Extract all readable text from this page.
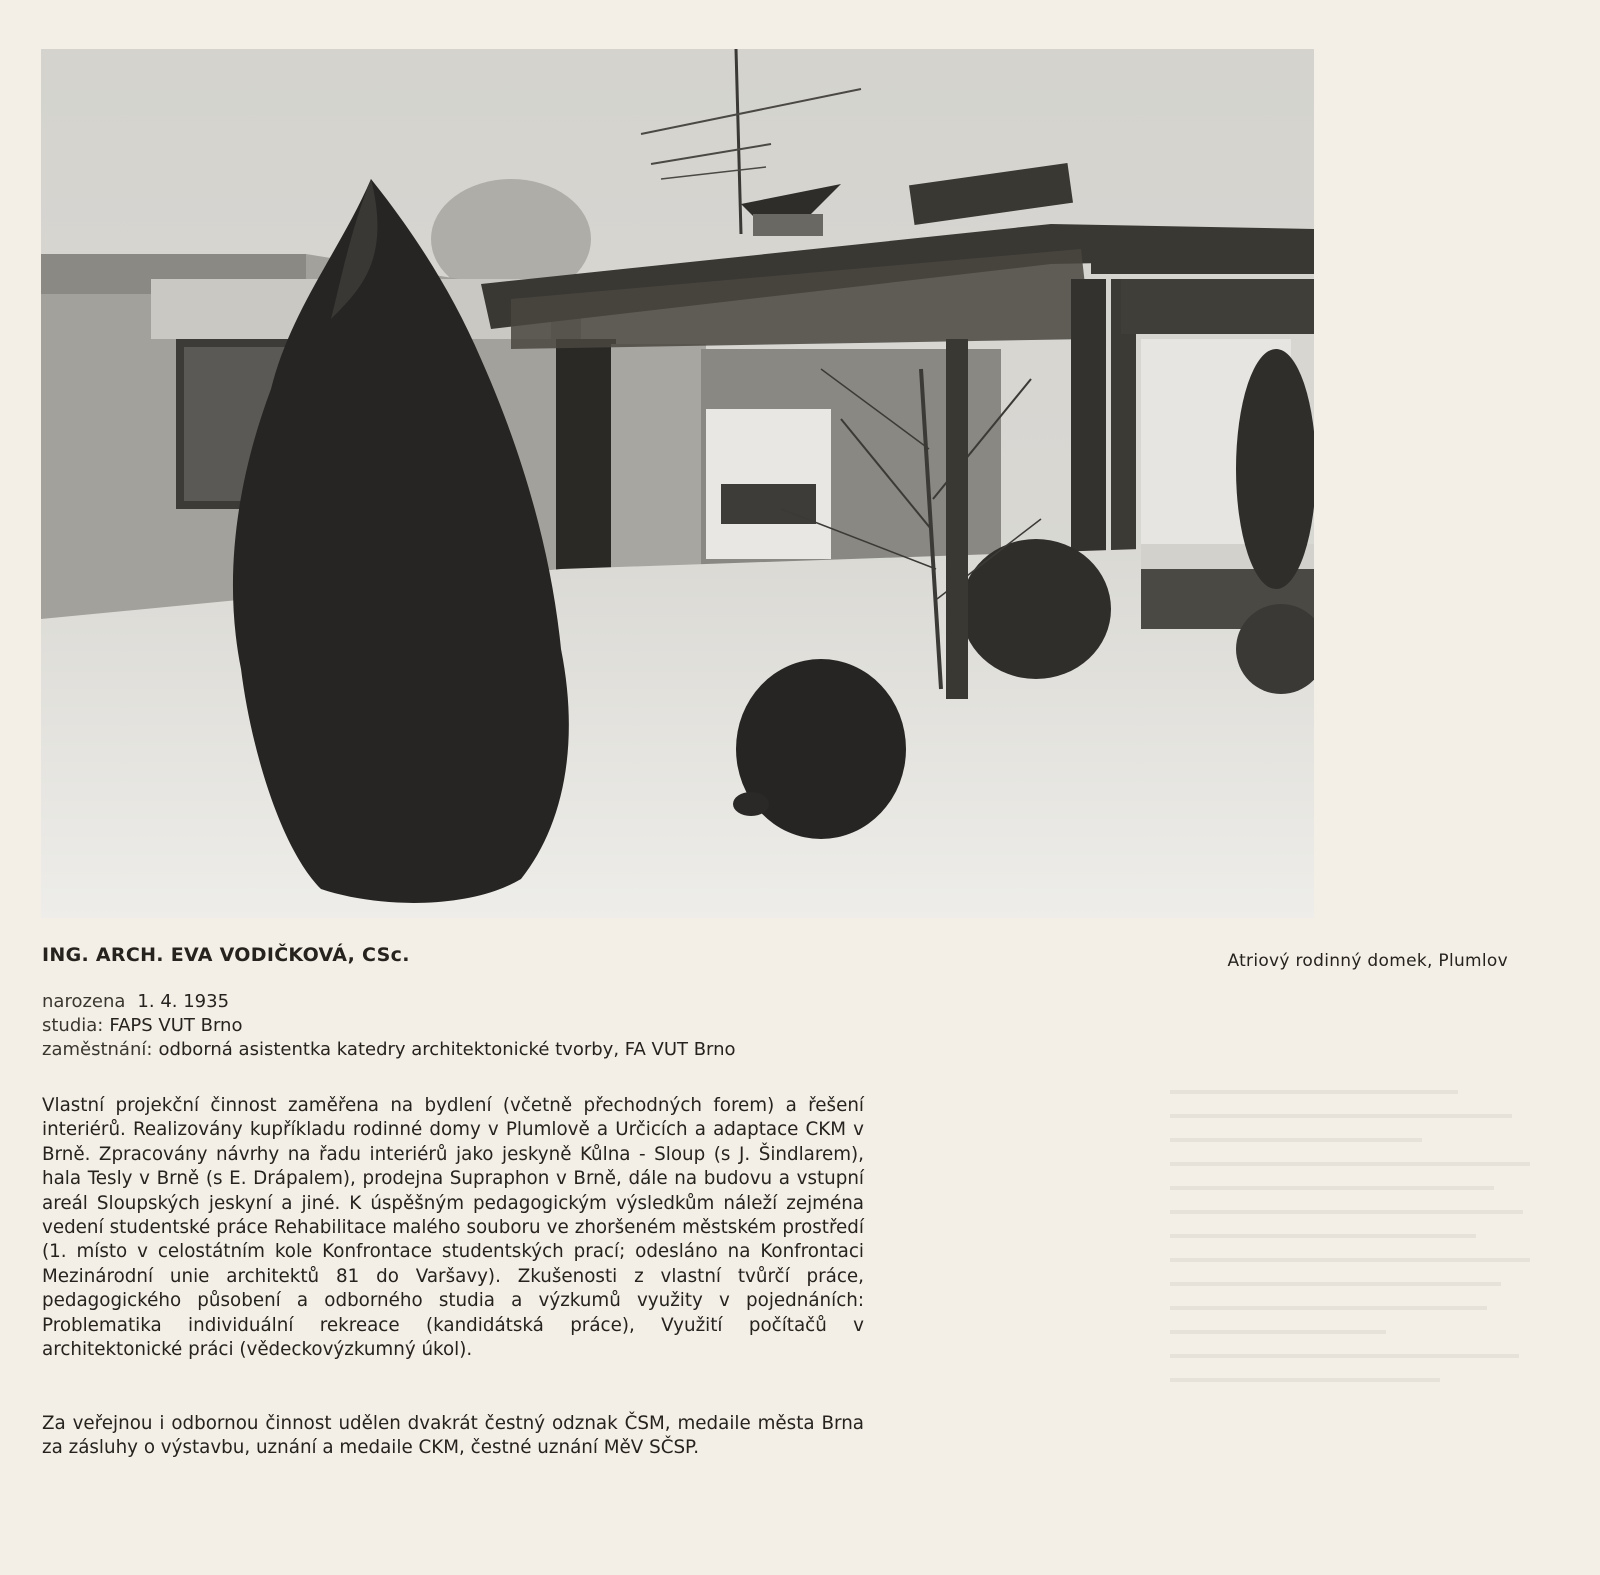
ING. ARCH. EVA VODIČKOVÁ, CSc.	Atriový rodinný domek, Plumlov
narozena 1. 4. 1935
studia: FAPS VUT Brno
zaměstnání: odborná asistentka katedry architektonické tvorby, FA VUT Brno
Vlastní projekční činnost zaměřena na bydlení (včetně přechodných forem) a řešení interiérů. Realizovány kupříkladu rodinné domy v Plumlově a Určicích a adaptace CKM v Brně. Zpracovány návrhy na řadu interiérů jako jeskyně Kůlna - Sloup (s J. Šindlarem), hala Tesly v Brně (s E. Drápalem), prodejna Supraphon v Brně, dále na budovu a vstupní areál Sloupských jeskyní a jiné. K úspěšným pedagogickým výsledkům náleží zejména vedení studentské práce Rehabilitace malého souboru ve zhoršeném městském prostředí (1. místo v celostátním kole Konfrontace studentských prací; odesláno na Konfrontaci Mezinárodní unie architektů 81 do Varšavy). Zkušenosti z vlastní tvůrčí práce, pedagogického působení a odborného studia a výzkumů využity v pojednáních: Problematika individuální rekreace (kandidátská práce), Využití počítačů v architektonické práci (vědeckovýzkumný úkol).
Za veřejnou i odbornou činnost udělen dvakrát čestný odznak ČSM, medaile města Brna za zásluhy o výstavbu, uznání a medaile CKM, čestné uznání MěV SČSP.
